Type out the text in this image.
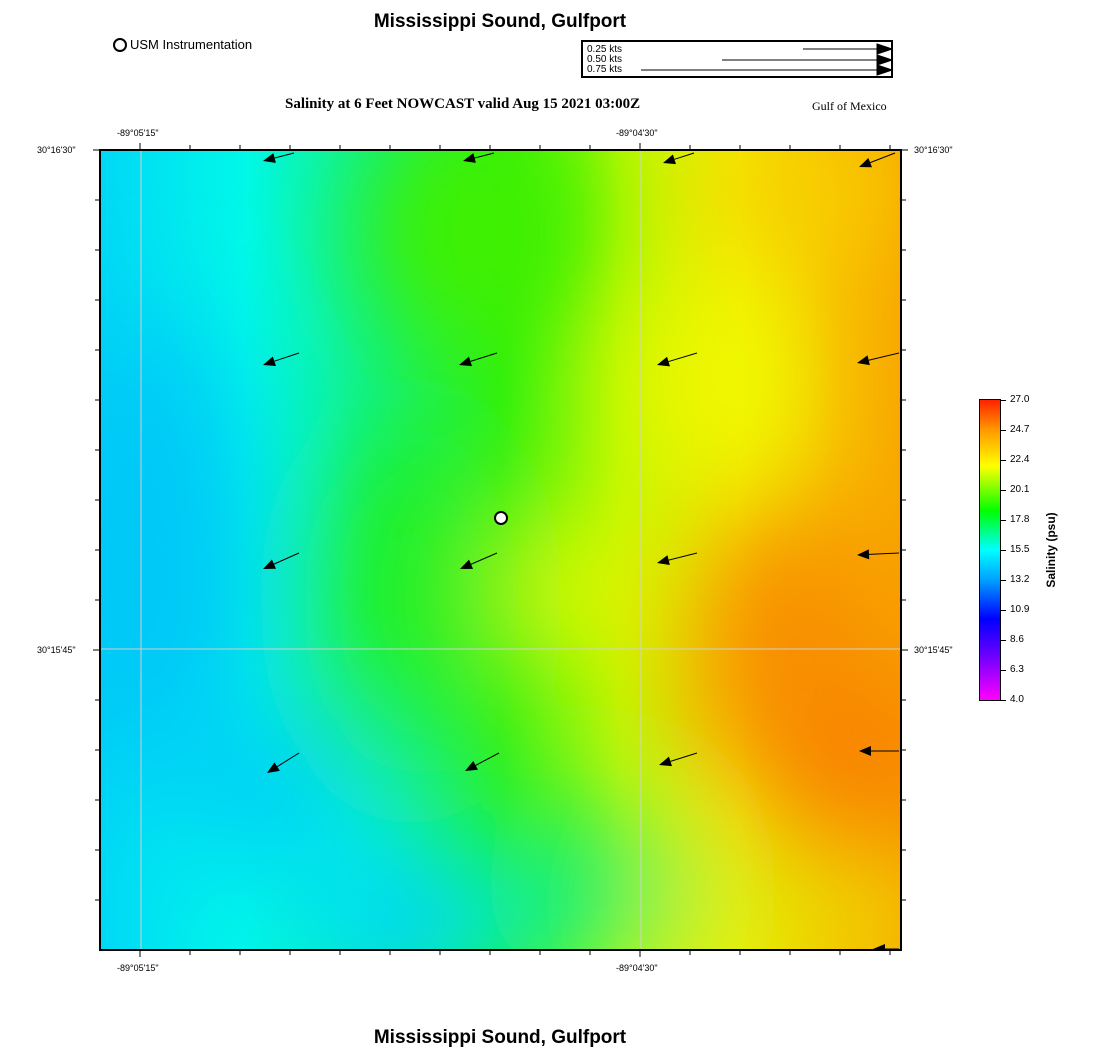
Mississippi Sound, Gulfport
USM Instrumentation	0.25 kts
0.50 kts
0.75 kts
Salinity at 6 Feet NOWCAST valid Aug 15 2021 03:00Z	Gulf of Mexico
-89°05'15"	-89°04'30"
-89°05'15"	-89°04'30"
30°16'30"
30°15'45"
30°16'30"
30°15'45"
27.0
24.7
22.4
20.1
17.8
15.5
13.2
10.9
8.6
6.3
4.0
Salinity (psu)
Mississippi Sound, Gulfport
